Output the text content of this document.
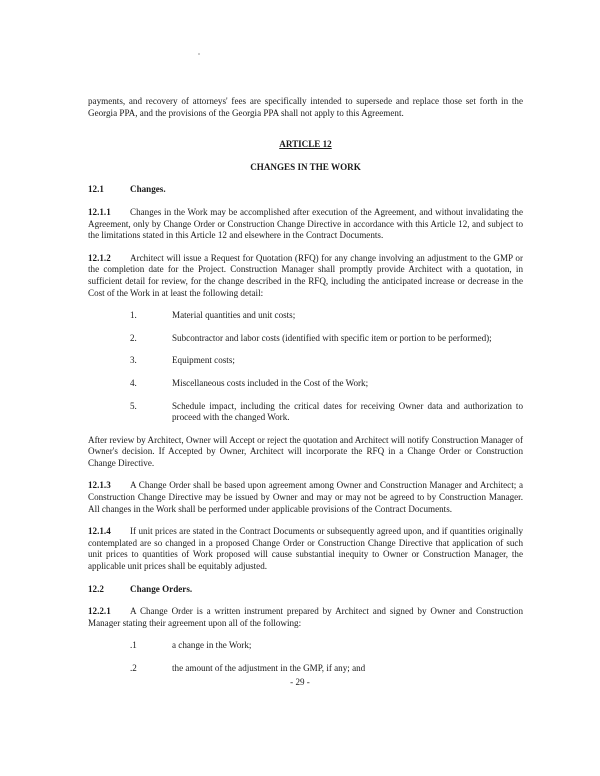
payments, and recovery of attorneys' fees are specifically intended to supersede and replace those set forth in the Georgia PPA, and the provisions of the Georgia PPA shall not apply to this Agreement.

ARTICLE 12
CHANGES IN THE WORK
12.1	Changes.
12.1.1 Changes in the Work may be accomplished after execution of the Agreement, and without invalidating the Agreement, only by Change Order or Construction Change Directive in accordance with this Article 12, and subject to the limitations stated in this Article 12 and elsewhere in the Contract Documents.
12.1.2 Architect will issue a Request for Quotation (RFQ) for any change involving an adjustment to the GMP or the completion date for the Project. Construction Manager shall promptly provide Architect with a quotation, in sufficient detail for review, for the change described in the RFQ, including the anticipated increase or decrease in the Cost of the Work in at least the following detail:
1.	Material quantities and unit costs;
2.	Subcontractor and labor costs (identified with specific item or portion to be performed);
3.	Equipment costs;
4.	Miscellaneous costs included in the Cost of the Work;
5.	Schedule impact, including the critical dates for receiving Owner data and authorization to proceed with the changed Work.

After review by Architect, Owner will Accept or reject the quotation and Architect will notify Construction Manager of Owner's decision. If Accepted by Owner, Architect will incorporate the RFQ in a Change Order or Construction Change Directive.

12.1.3 A Change Order shall be based upon agreement among Owner and Construction Manager and Architect; a Construction Change Directive may be issued by Owner and may or may not be agreed to by Construction Manager. All changes in the Work shall be performed under applicable provisions of the Contract Documents.
12.1.4 If unit prices are stated in the Contract Documents or subsequently agreed upon, and if quantities originally contemplated are so changed in a proposed Change Order or Construction Change Directive that application of such unit prices to quantities of Work proposed will cause substantial inequity to Owner or Construction Manager, the applicable unit prices shall be equitably adjusted.
12.2	Change Orders.
12.2.1 A Change Order is a written instrument prepared by Architect and signed by Owner and Construction Manager stating their agreement upon all of the following:
.1	a change in the Work;
.2	the amount of the adjustment in the GMP, if any; and
- 29 -
